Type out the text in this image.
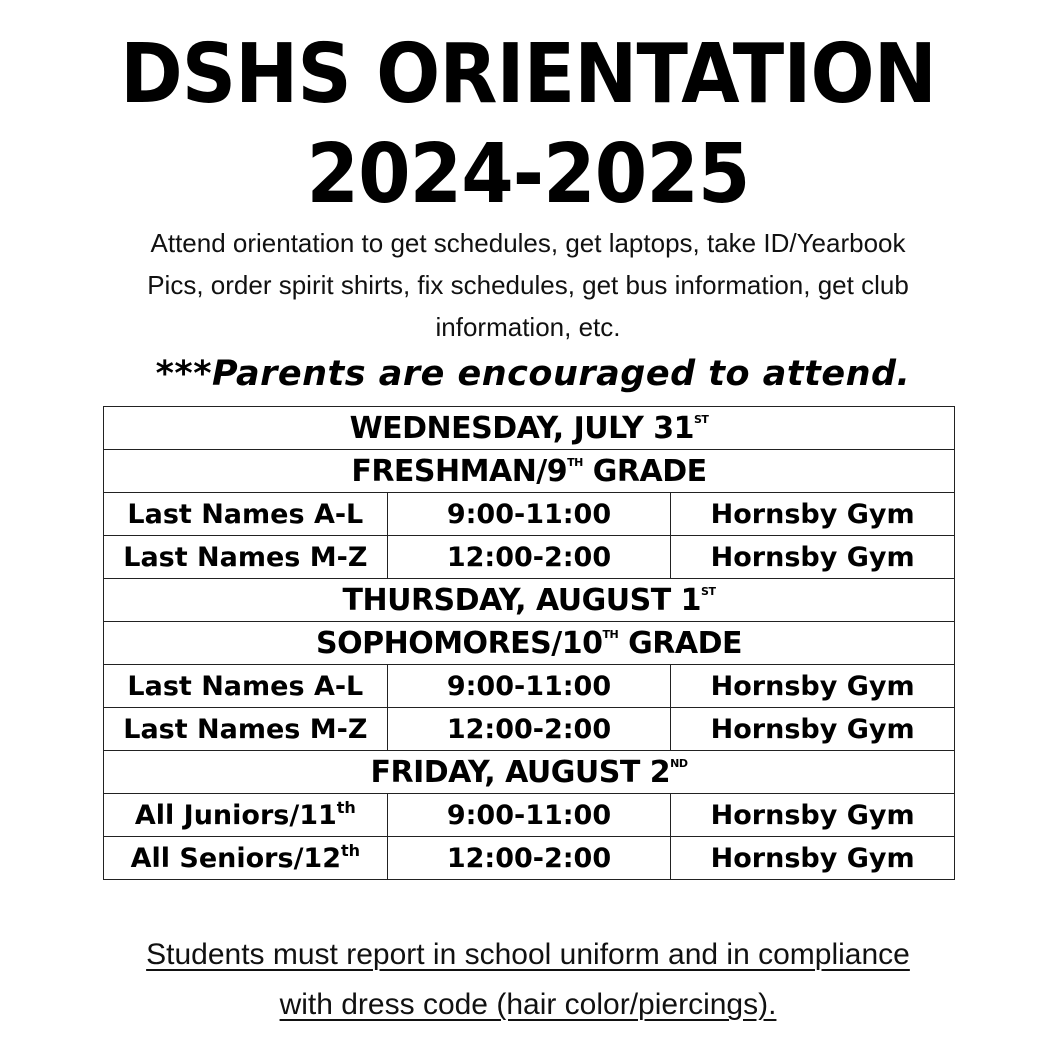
DSHS ORIENTATION
2024-2025
Attend orientation to get schedules, get laptops, take ID/Yearbook
Pics, order spirit shirts, fix schedules, get bus information, get club
information, etc.
***Parents are encouraged to attend.
WEDNESDAY, JULY 31ST
FRESHMAN/9TH GRADE		
Last Names A-L	9:00-11:00	Hornsby Gym
Last Names M-Z	12:00-2:00	Hornsby Gym
THURSDAY, AUGUST 1ST
SOPHOMORES/10TH GRADE		
Last Names A-L	9:00-11:00	Hornsby Gym
Last Names M-Z	12:00-2:00	Hornsby Gym
FRIDAY, AUGUST 2ND
All Juniors/11th	9:00-11:00	Hornsby Gym
All Seniors/12th	12:00-2:00	Hornsby Gym
Students must report in school uniform and in compliance
with dress code (hair color/piercings).
